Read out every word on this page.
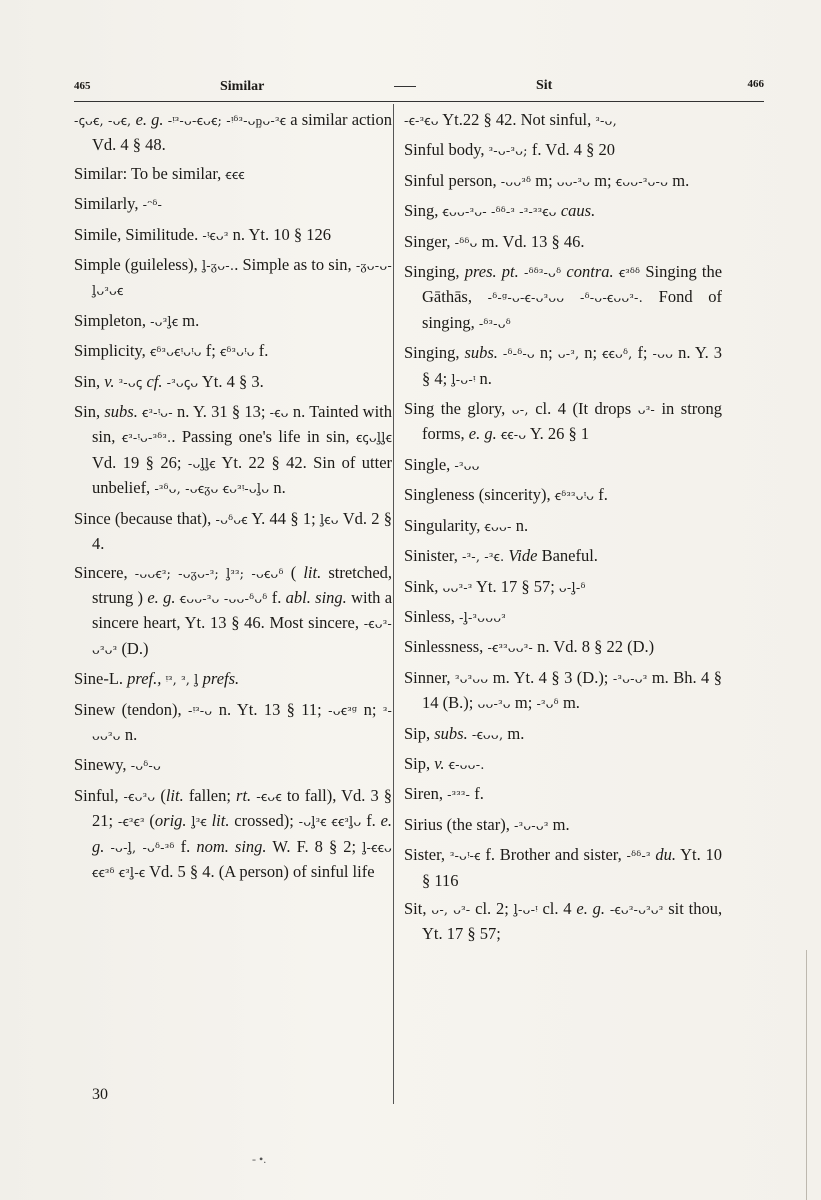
465	Similar	Sit	466

-ꞔᴗꞓ, -ᴗꞓ, e. g. -ᵎᵌ-ᴗ-ꞓᴗꞓ; -ᵎᵟᵌ-ᴗᶈᴗ-ᵌꞓ a similar action Vd. 4 § 48.

Similar: To be similar, ꞓꞓꞓ

Similarly, -ᵔᵟ-

Simile, Similitude. -ᵎꞓᴗᵌ n. Yt. 10 § 126

Simple (guileless), ᶅ-ᵹᴗ-.. Simple as to sin, -ᵹᴗ-ᴗ-ᶅᴗᵌᴗꞓ

Simpleton, -ᴗᵌᶅꞓ m.

Simplicity, ꞓᵟᵌᴗꞓᵎᴗᵎᴗ f; ꞓᵟᵌᴗᵎᴗ f.

Sin, v. ᵌ-ᴗꞔ cf. -ᵌᴗꞔᴗ Yt. 4 § 3.

Sin, subs. ꞓᵌ-ᵎᴗ- n. Y. 31 § 13; -ꞓᴗ n. Tainted with sin, ꞓᵌ-ᵎᴗ-ᵌᵟᵌ.. Passing one's life in sin, ꞓꞔᴗᶅᶅꞓ Vd. 19 § 26; -ᴗᶅᶅꞓ Yt. 22 § 42. Sin of utter unbelief, -ᵌᵟᴗ, -ᴗꞓᵹᴗ ꞓᴗᵌᵎ-ᴗᶅᴗ n.

Since (because that), -ᴗᵟᴗꞓ Y. 44 § 1; ᶅꞓᴗ Vd. 2 § 4.

Sincere, -ᴗᴗꞓᵌ; -ᴗᵹᴗ-ᵌ; ᶅᵌᵌ; -ᴗꞓᴗᵟ ( lit. stretched, strung ) e. g. ꞓᴗᴗ-ᵌᴗ -ᴗᴗ-ᵟᴗᵟ f. abl. sing. with a sincere heart, Yt. 13 § 46. Most sincere, -ꞓᴗᵌ-ᴗᵌᴗᵌ (D.)

Sine-L. pref., ᵎᵌ, ᵌ, ᶅ prefs.

Sinew (tendon), -ᵎᵌ-ᴗ n. Yt. 13 § 11; -ᴗꞓᵌᵍ n; ᵌ-ᴗᴗᵌᴗ n.

Sinewy, -ᴗᵟ-ᴗ

Sinful, -ꞓᴗᵌᴗ (lit. fallen; rt. -ꞓᴗꞓ to fall), Vd. 3 § 21; -ꞓᵌꞓᵌ (orig. ᶅᵌꞓ lit. crossed); -ᴗᶅᵌꞓ ꞓꞓᵌᶅᴗ f. e. g. -ᴗ-ᶅ, -ᴗᵟ-ᵌᵟ f. nom. sing. W. F. 8 § 2; ᶅ-ꞓꞓᴗ ꞓꞓᵌᵟ ꞓᵌᶅ-ꞓ Vd. 5 § 4. (A person) of sinful life

-ꞓ-ᵌꞓᴗ Yt.22 § 42. Not sinful, ᵌ-ᴗ,

Sinful body, ᵌ-ᴗ-ᵌᴗ; f. Vd. 4 § 20

Sinful person, -ᴗᴗᵌᵟ m; ᴗᴗ-ᵌᴗ m; ꞓᴗᴗ-ᵌᴗ-ᴗ m.

Sing, ꞓᴗᴗ-ᵌᴗ- -ᵟᵟ-ᵌ -ᵌ-ᵌᵌꞓᴗ caus.

Singer, -ᵟᵟᴗ m. Vd. 13 § 46.

Singing, pres. pt. -ᵟᵟᵌ-ᴗᵟ contra. ꞓᵌᵟᵟ Singing the Gāthās, -ᵟ-ᵍ-ᴗ-ꞓ-ᴗᵌᴗᴗ -ᵟ-ᴗ-ꞓᴗᴗᵌ-. Fond of singing, -ᵟᵌ-ᴗᵟ

Singing, subs. -ᵟ-ᵟ-ᴗ n; ᴗ-ᵌ, n; ꞓꞓᴗᵟ, f; -ᴗᴗ n. Y. 3 § 4; ᶅ-ᴗ-ᵎ n.

Sing the glory, ᴗ-, cl. 4 (It drops ᴗᵌ- in strong forms, e. g. ꞓꞓ-ᴗ Y. 26 § 1

Single, -ᵌᴗᴗ

Singleness (sincerity), ꞓᵟᵌᵌᴗᵎᴗ f.

Singularity, ꞓᴗᴗ- n.

Sinister, -ᵌ-, -ᵌꞓ. Vide Baneful.

Sink, ᴗᴗᵌ-ᵌ Yt. 17 § 57; ᴗ-ᶅ-ᵟ

Sinless, -ᶅ-ᵌᴗᴗᴗᵌ

Sinlessness, -ꞓᵌᵌᴗᴗᵌ- n. Vd. 8 § 22 (D.)

Sinner, ᵌᴗᵌᴗᴗ m. Yt. 4 § 3 (D.); -ᵌᴗ-ᴗᵌ m. Bh. 4 § 14 (B.); ᴗᴗ-ᵌᴗ m; -ᵌᴗᵟ m.

Sip, subs. -ꞓᴗᴗ, m.

Sip, v. ꞓ-ᴗᴗ-.

Siren, -ᵌᵌᵌ- f.

Sirius (the star), -ᵌᴗ-ᴗᵌ m.

Sister, ᵌ-ᴗᵎ-ꞓ f. Brother and sister, -ᵟᵟ-ᵌ du. Yt. 10 § 116

Sit, ᴗ-, ᴗᵌ- cl. 2; ᶅ-ᴗ-ᵎ cl. 4 e. g. -ꞓᴗᵌ-ᴗᵌᴗᵌ sit thou, Yt. 17 § 57;

30
- •.
